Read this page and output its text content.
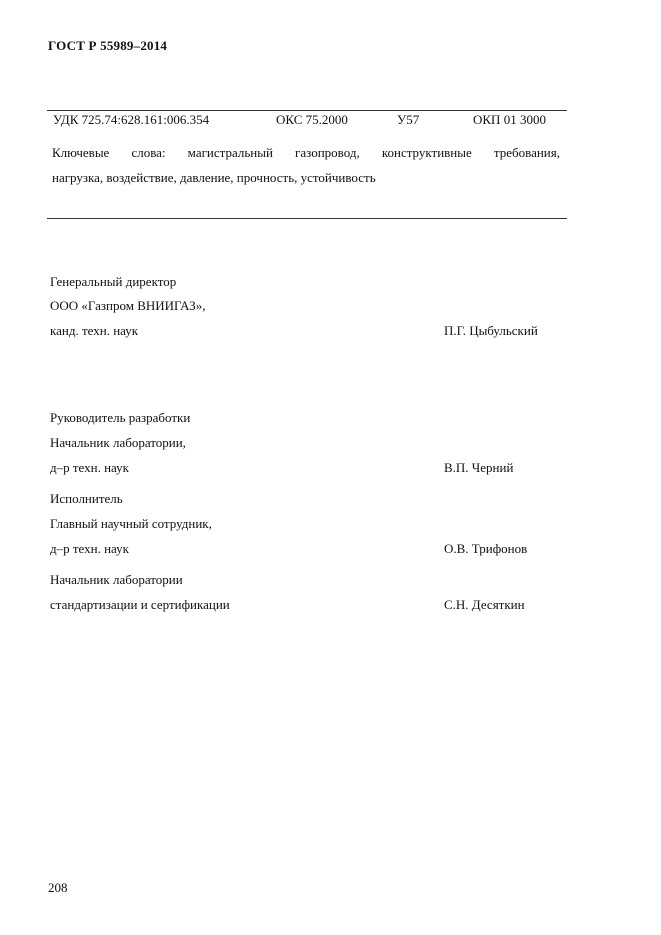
ГОСТ Р 55989–2014
УДК 725.74:628.161:006.354	ОКС 75.2000	У57	ОКП 01 3000
Ключевые слова: магистральный газопровод, конструктивные требования,
нагрузка, воздействие, давление, прочность, устойчивость
Генеральный директор
ООО «Газпром ВНИИГАЗ»,
канд. техн. наук	П.Г. Цыбульский
Руководитель разработки
Начальник лаборатории,
д–р техн. наук	В.П. Черний
Исполнитель
Главный научный сотрудник,
д–р техн. наук	О.В. Трифонов
Начальник лаборатории
стандартизации и сертификации	С.Н. Десяткин
208
